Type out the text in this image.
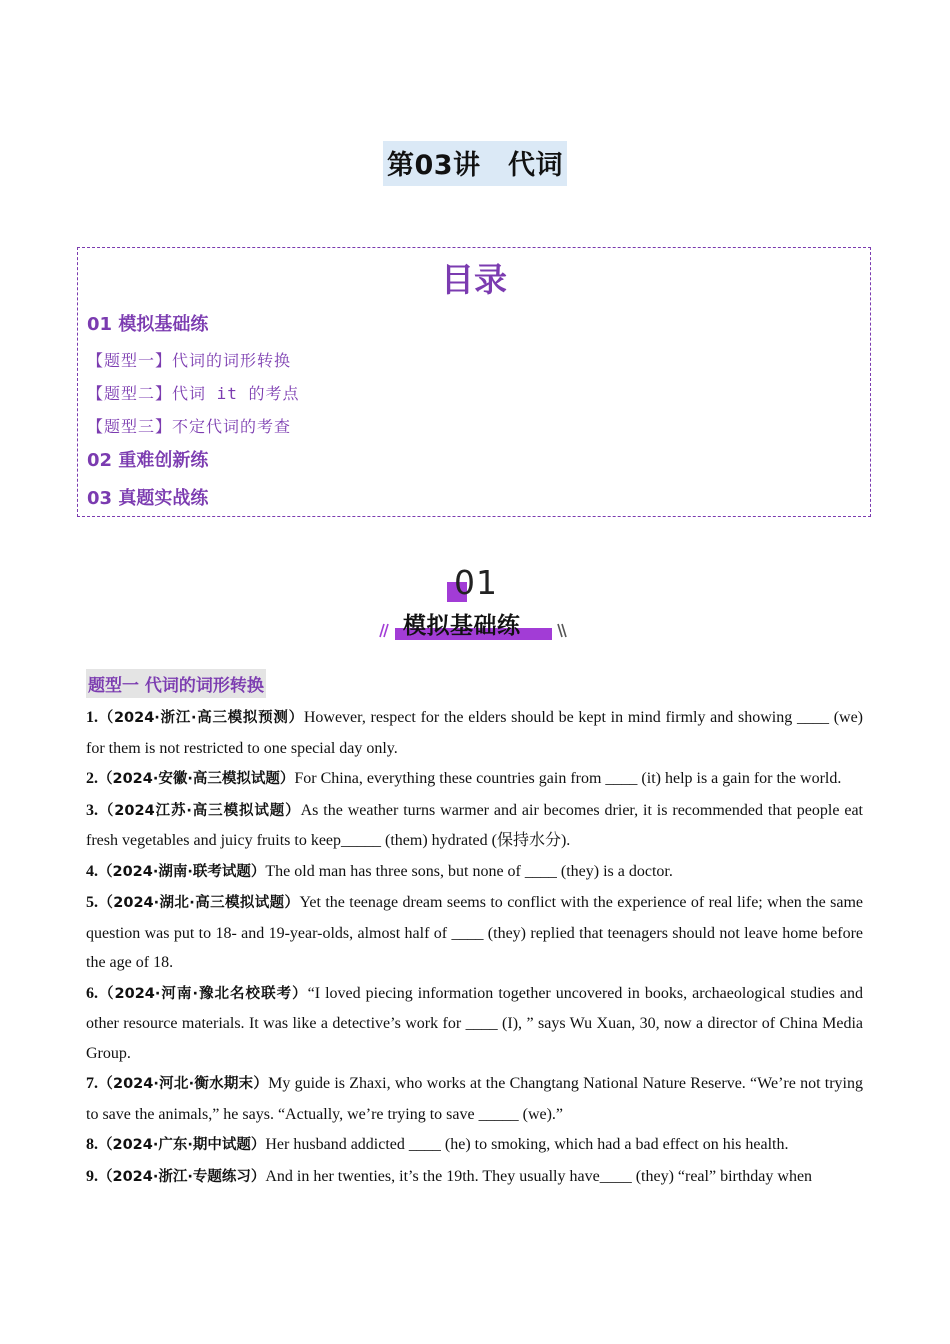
第03讲　代词
目录
01 模拟基础练
【题型一】代词的词形转换
【题型二】代词 it 的考点
【题型三】不定代词的考查
02 重难创新练
03 真题实战练
01
模拟基础练
题型一 代词的词形转换

1.（2024·浙江·高三模拟预测）However, respect for the elders should be kept in mind firmly and showing ____ (we) for them is not restricted to one special day only.

2.（2024·安徽·高三模拟试题）For China, everything these countries gain from ____ (it) help is a gain for the world.

3.（2024江苏·高三模拟试题）As the weather turns warmer and air becomes drier, it is recommended that people eat fresh vegetables and juicy fruits to keep_____ (them) hydrated (保持水分).

4.（2024·湖南·联考试题）The old man has three sons, but none of ____ (they) is a doctor.

5.（2024·湖北·高三模拟试题）Yet the teenage dream seems to conflict with the experience of real life; when the same question was put to 18- and 19-year-olds, almost half of ____ (they) replied that teenagers should not leave home before the age of 18.

6.（2024·河南·豫北名校联考）“I loved piecing information together uncovered in books, archaeological studies and other resource materials. It was like a detective’s work for ____ (I), ” says Wu Xuan, 30, now a director of China Media Group.

7.（2024·河北·衡水期末）My guide is Zhaxi, who works at the Changtang National Nature Reserve. “We’re not trying to save the animals,” he says. “Actually, we’re trying to save _____ (we).”

8.（2024·广东·期中试题）Her husband addicted ____ (he) to smoking, which had a bad effect on his health.

9.（2024·浙江·专题练习）And in her twenties, it’s the 19th. They usually have____ (they) “real” birthday when
